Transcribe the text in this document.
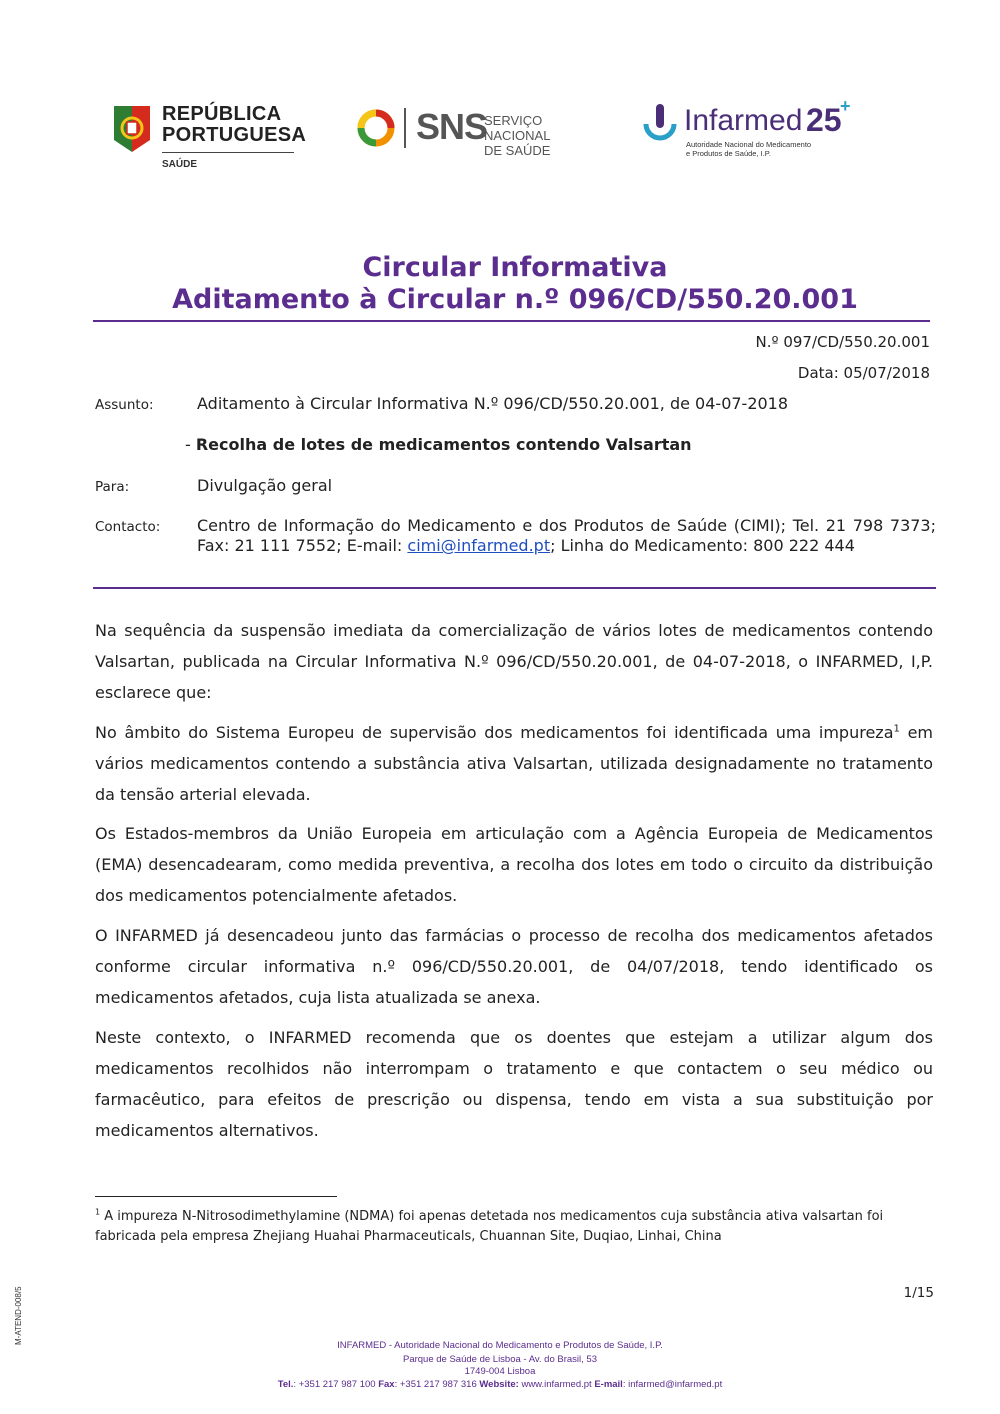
REPÚBLICA
PORTUGUESA
SAÚDE
SNS
SERVIÇO NACIONAL
DE SAÚDE
Infarmed 25
+
Autoridade Nacional do Medicamento
e Produtos de Saúde, I.P.
Circular Informativa
Aditamento à Circular n.º 096/CD/550.20.001
N.º 097/CD/550.20.001
Data: 05/07/2018
Assunto:	Aditamento à Circular Informativa N.º 096/CD/550.20.001, de 04-07-2018
- Recolha de lotes de medicamentos contendo Valsartan
Para:	Divulgação geral
Contacto: Centro de Informação do Medicamento e dos Produtos de Saúde (CIMI); Tel. 21 798 7373; Fax: 21 111 7552; E-mail: cimi@infarmed.pt; Linha do Medicamento: 800 222 444
Na sequência da suspensão imediata da comercialização de vários lotes de medicamentos contendo Valsartan, publicada na Circular Informativa N.º 096/CD/550.20.001, de 04-07-2018, o INFARMED, I,P. esclarece que:
No âmbito do Sistema Europeu de supervisão dos medicamentos foi identificada uma impureza$^1$ em vários medicamentos contendo a substância ativa Valsartan, utilizada designadamente no tratamento da tensão arterial elevada.
Os Estados-membros da União Europeia em articulação com a Agência Europeia de Medicamentos (EMA) desencadearam, como medida preventiva, a recolha dos lotes em todo o circuito da distribuição dos medicamentos potencialmente afetados.
O INFARMED já desencadeou junto das farmácias o processo de recolha dos medicamentos afetados conforme circular informativa n.º 096/CD/550.20.001, de 04/07/2018, tendo identificado os medicamentos afetados, cuja lista atualizada se anexa.
Neste contexto, o INFARMED recomenda que os doentes que estejam a utilizar algum dos medicamentos recolhidos não interrompam o tratamento e que contactem o seu médico ou farmacêutico, para efeitos de prescrição ou dispensa, tendo em vista a sua substituição por medicamentos alternativos.
$^1$ A impureza N-Nitrosodimethylamine (NDMA) foi apenas detetada nos medicamentos cuja substância ativa valsartan foi fabricada pela empresa Zhejiang Huahai Pharmaceuticals, Chuannan Site, Duqiao, Linhai, China
1/15
M-ATEND-008/5
INFARMED - Autoridade Nacional do Medicamento e Produtos de Saúde, I.P.
Parque de Saúde de Lisboa - Av. do Brasil, 53
1749-004 Lisboa
Tel.: +351 217 987 100 Fax: +351 217 987 316 Website: www.infarmed.pt E-mail: infarmed@infarmed.pt
